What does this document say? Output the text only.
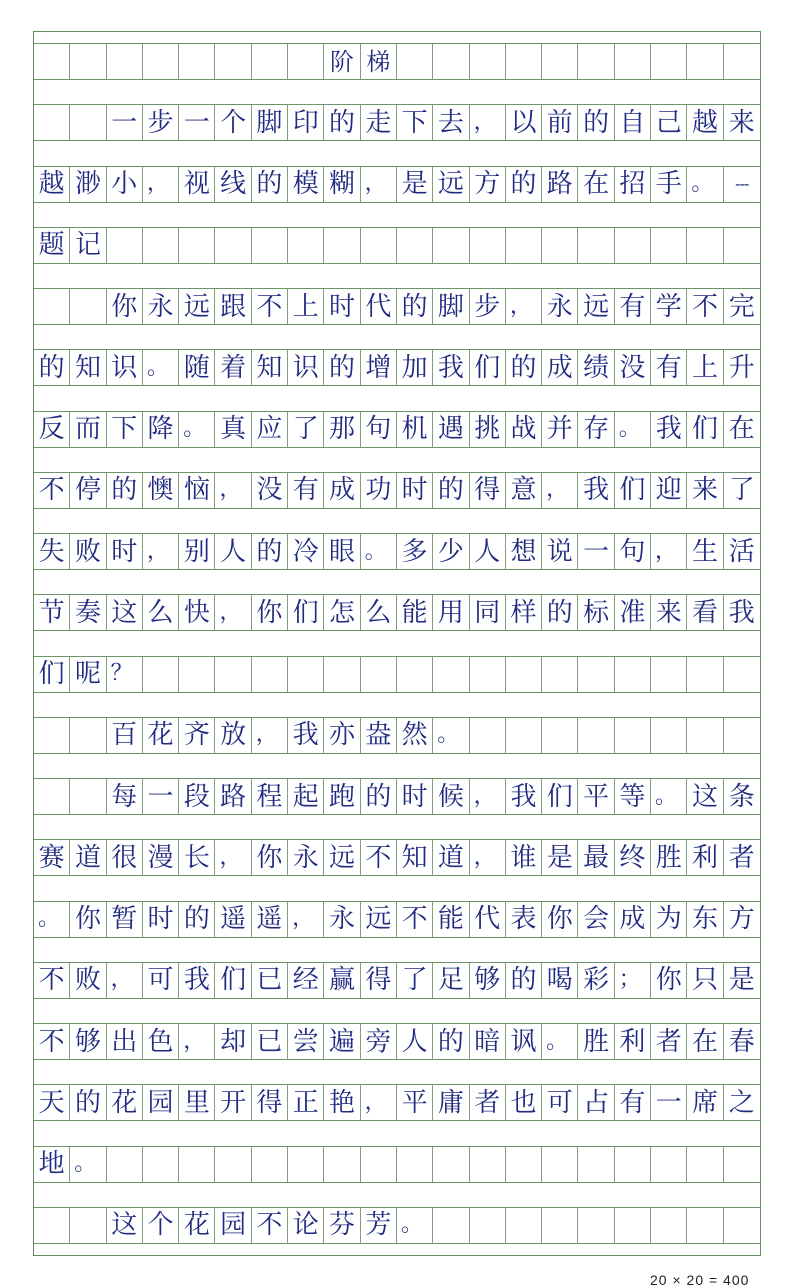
阶 梯
一 步 一 个 脚 印 的 走 下 去 ， 以 前 的 自 己 越 来
越 渺 小 ， 视 线 的 模 糊 ， 是 远 方 的 路 在 招 手 。	---
题 记
你 永 远 跟 不 上 时 代 的 脚 步 ， 永 远 有 学 不 完
的 知 识 。 随 着 知 识 的 增 加 我 们 的 成 绩 没 有 上 升
反 而 下 降 。 真 应 了 那 句 机 遇 挑 战 并 存 。 我 们 在
不 停 的 懊 恼 ， 没 有 成 功 时 的 得 意 ， 我 们 迎 来 了
失 败 时 ， 别 人 的 冷 眼 。 多 少 人 想 说 一 句 ， 生 活
节 奏 这 么 快 ， 你 们 怎 么 能 用 同 样 的 标 准 来 看 我
们 呢 ？
百 花 齐 放 ， 我 亦 盎 然 。
每 一 段 路 程 起 跑 的 时 候 ， 我 们 平 等 。 这 条
赛 道 很 漫 长 ， 你 永 远 不 知 道 ， 谁 是 最 终 胜 利 者
。 你 暂 时 的 遥 遥 ， 永 远 不 能 代 表 你 会 成 为 东 方
不 败 ， 可 我 们 已 经 赢 得 了 足 够 的 喝 彩 ； 你 只 是
不 够 出 色 ， 却 已 尝 遍 旁 人 的 暗 讽 。 胜 利 者 在 春
天 的 花 园 里 开 得 正 艳 ， 平 庸 者 也 可 占 有 一 席 之
地 。
这 个 花 园 不 论 芬 芳 。
20 × 20 = 400
